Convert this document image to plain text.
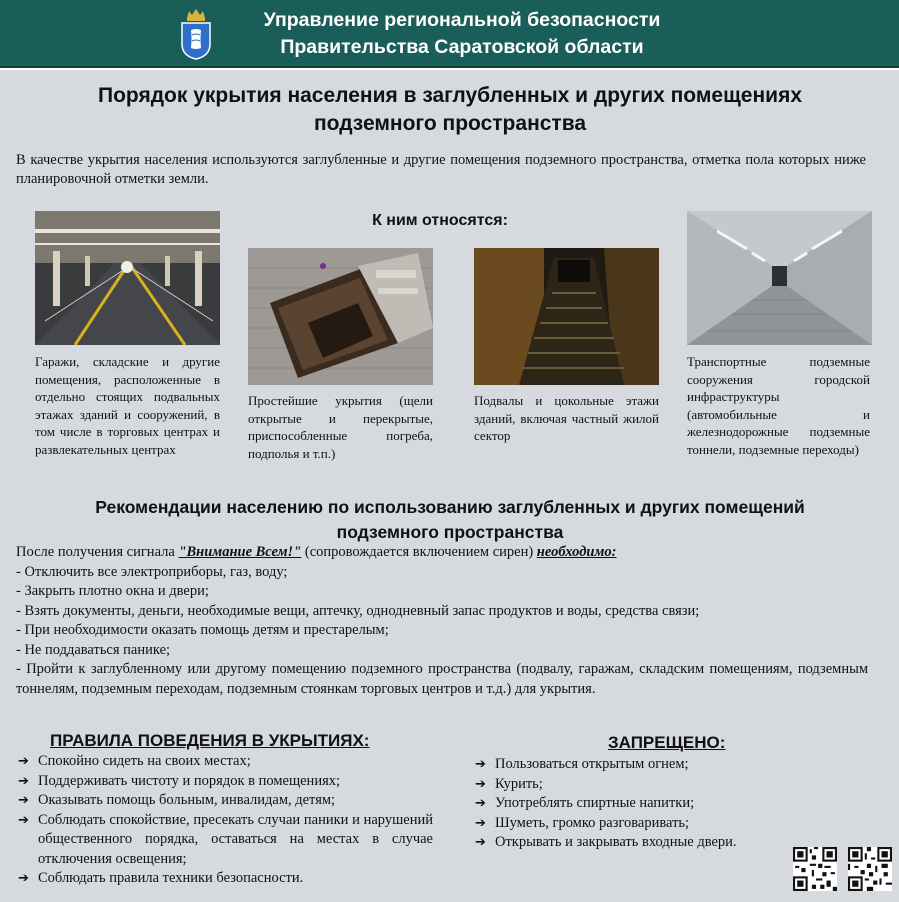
Управление региональной безопасности
Правительства Саратовской области
Порядок укрытия населения в заглубленных и других помещениях
подземного пространства

В качестве укрытия населения используются заглубленные и другие помещения подземного пространства, отметка пола которых ниже планировочной отметки земли.

К ним относятся:

Гаражи, складские и другие помещения, расположенные в отдельно стоящих подвальных этажах зданий и сооружений, в том числе в торговых центрах и развлекательных центрах

Простейшие укрытия (щели открытые и перекрытые, приспособленные погреба, подполья и т.п.)

Подвалы и цокольные этажи зданий, включая частный жилой сектор

Транспортные подземные сооружения городской инфраструктуры (автомобильные и железнодорожные подземные тоннели, подземные переходы)

Рекомендации населению по использованию заглубленных и других помещений
подземного пространства
После получения сигнала "Внимание Всем!" (сопровождается включением сирен) необходимо:
- Отключить все электроприборы, газ, воду;
- Закрыть плотно окна и двери;
- Взять документы, деньги, необходимые вещи, аптечку, однодневный запас продуктов и воды, средства связи;
- При необходимости оказать помощь детям и престарелым;
- Не поддаваться панике;
- Пройти к заглубленному или другому помещению подземного пространства (подвалу, гаражам, складским помещениям, подземным тоннелям, подземным переходам, подземным стоянкам торговых центров и т.д.) для укрытия.
ПРАВИЛА ПОВЕДЕНИЯ В УКРЫТИЯХ:
➔ Спокойно сидеть на своих местах;
➔ Поддерживать чистоту и порядок в помещениях;
➔ Оказывать помощь больным, инвалидам, детям;
➔ Соблюдать спокойствие, пресекать случаи паники и нарушений общественного порядка, оставаться на местах в случае отключения освещения;
➔ Соблюдать правила техники безопасности.
ЗАПРЕЩЕНО:
➔ Пользоваться открытым огнем;
➔ Курить;
➔ Употреблять спиртные напитки;
➔ Шуметь, громко разговаривать;
➔ Открывать и закрывать входные двери.
